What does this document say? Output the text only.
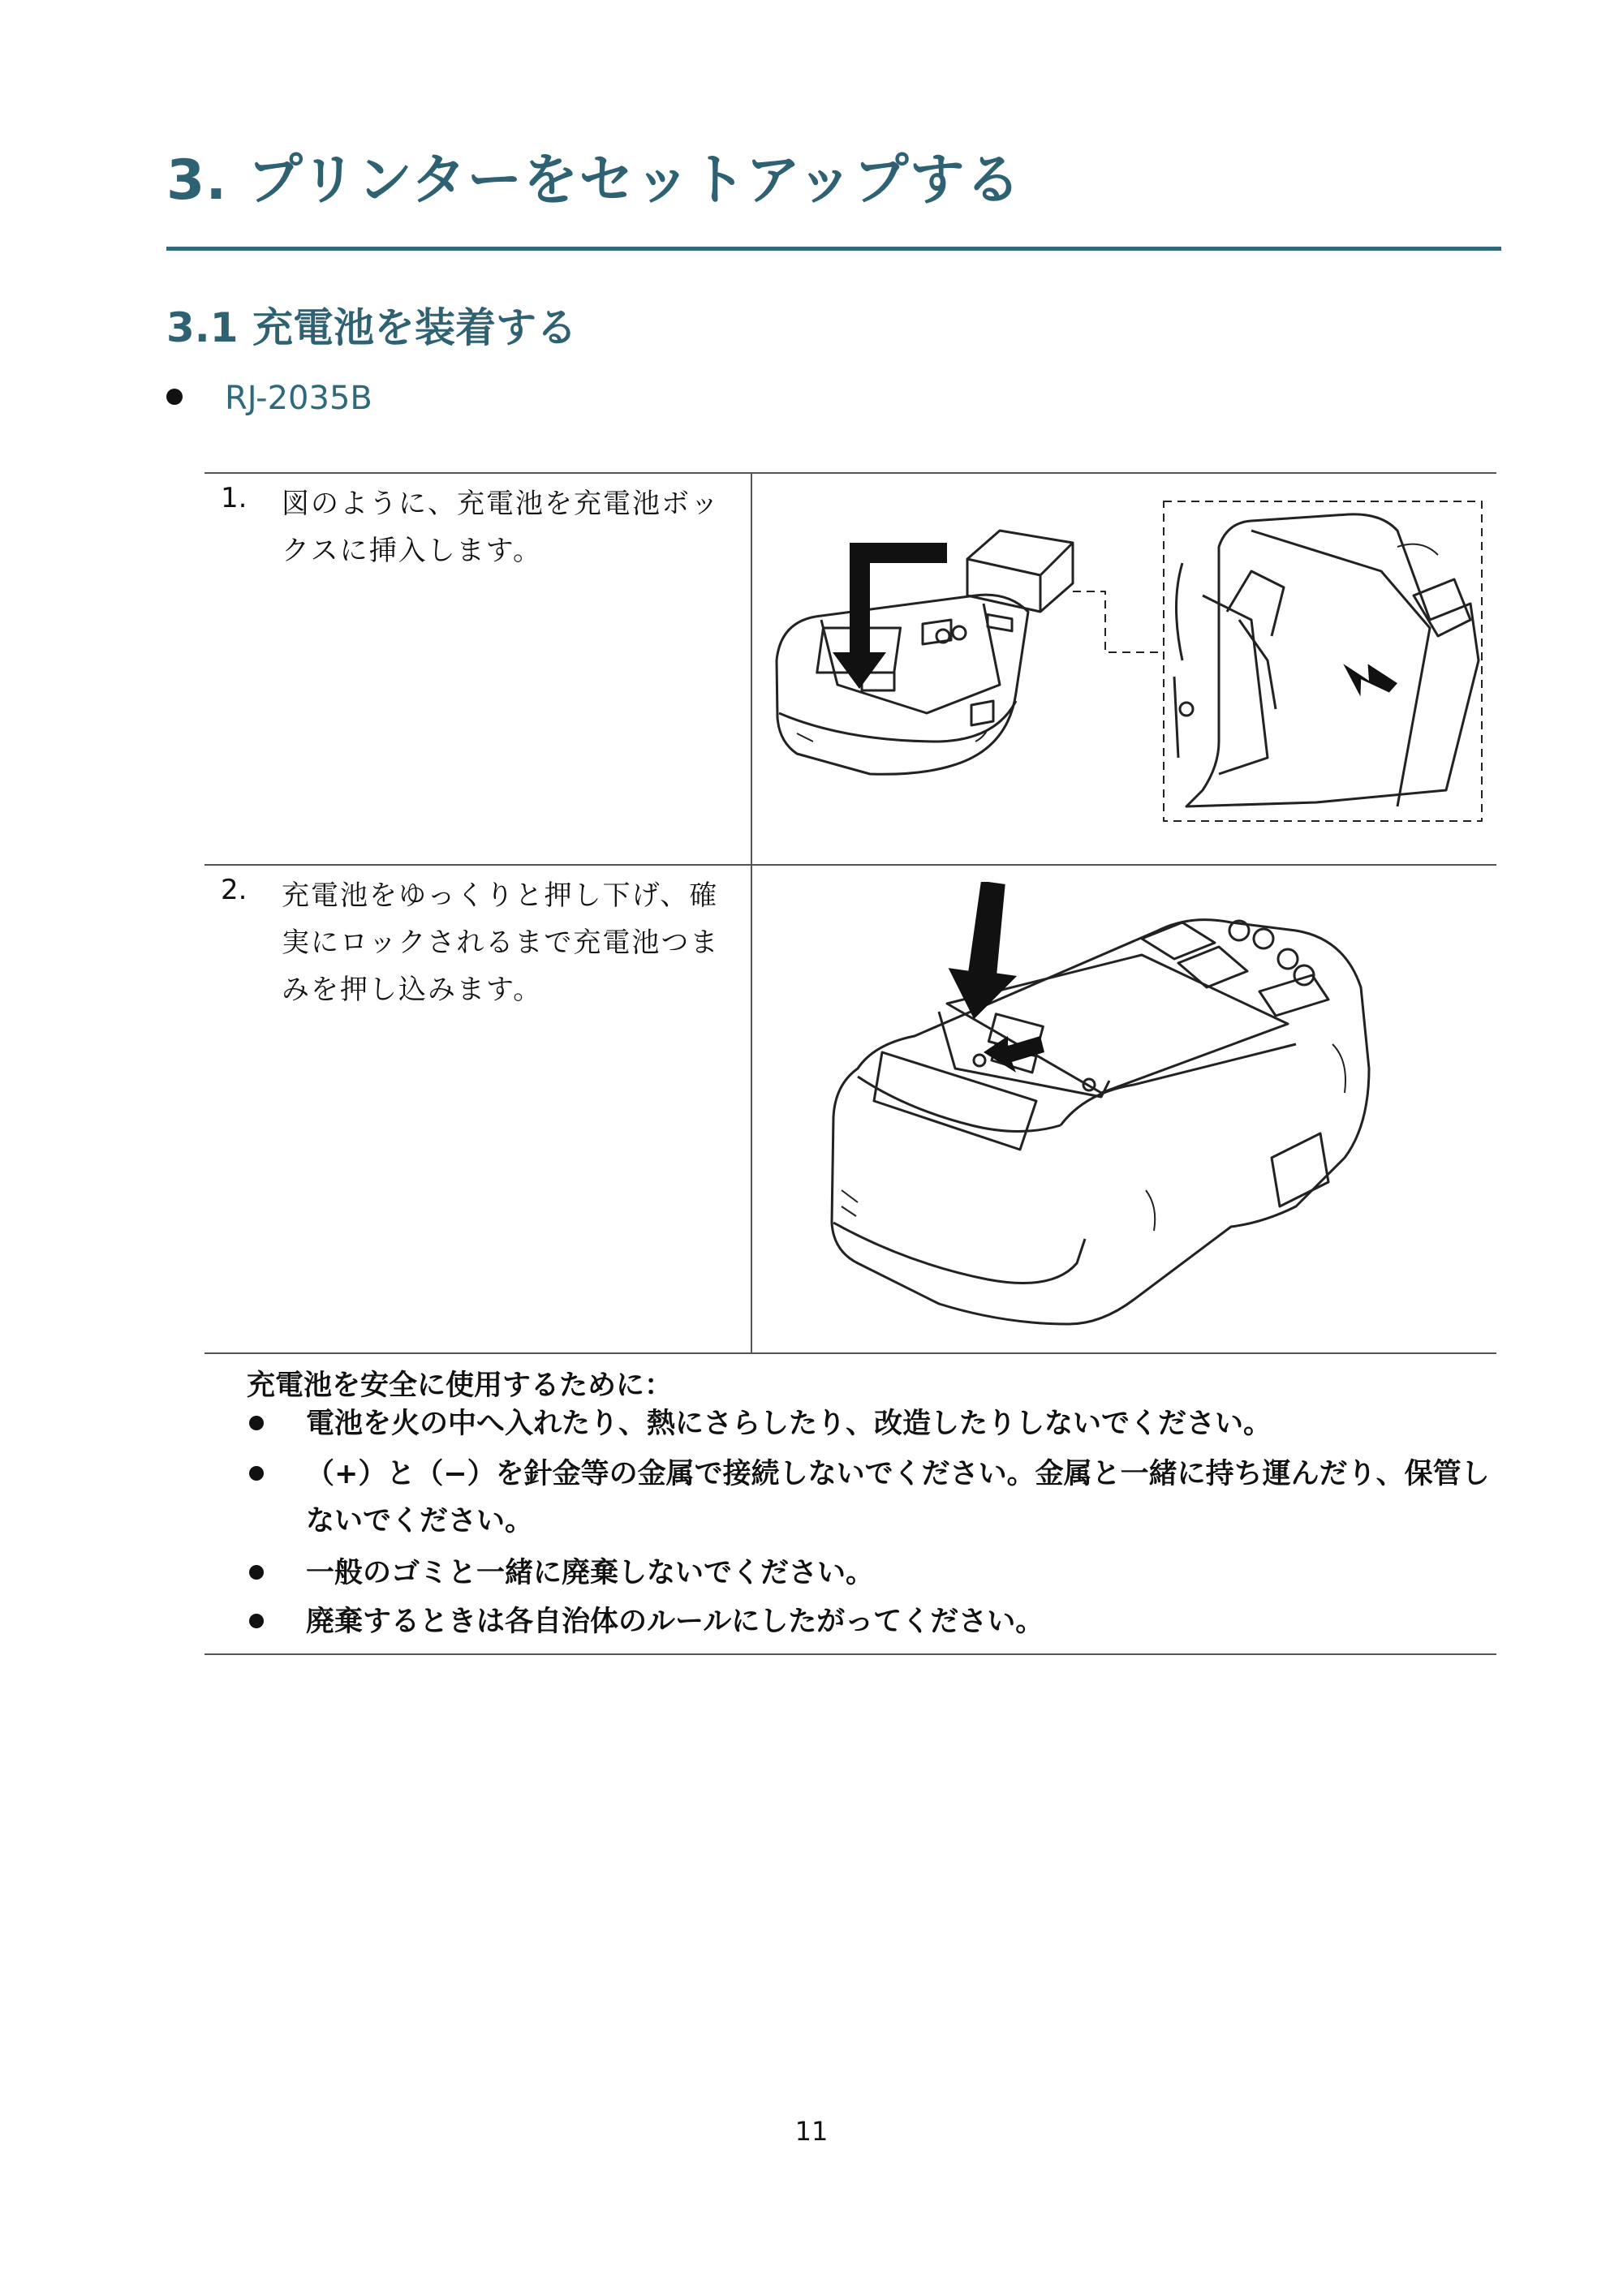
3. プリンターをセットアップする
3.1 充電池を装着する
RJ-2035B
1. 図のように、充電池を充電池ボックスに挿入します。
2. 充電池をゆっくりと押し下げ、確実にロックされるまで充電池つまみを押し込みます。
充電池を安全に使用するために：
電池を火の中へ入れたり、熱にさらしたり、改造したりしないでください。
（+）と（−）を針金等の金属で接続しないでください。金属と一緒に持ち運んだり、保管しないでください。
一般のゴミと一緒に廃棄しないでください。
廃棄するときは各自治体のルールにしたがってください。
11
